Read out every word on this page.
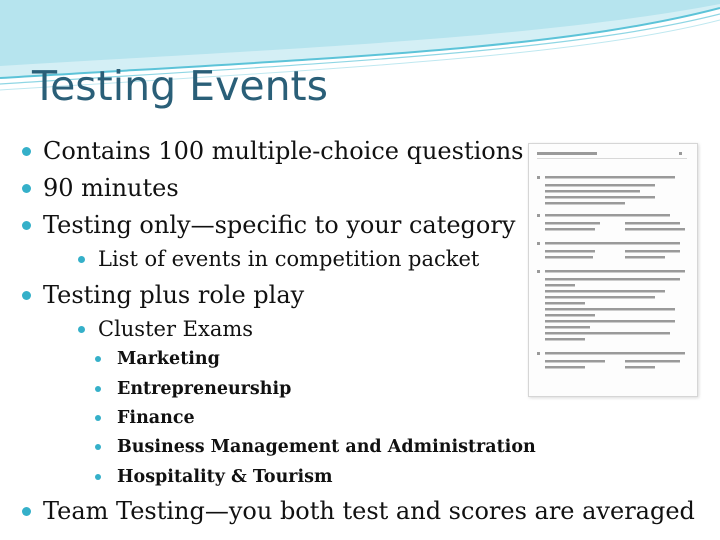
Testing Events
Contains 100 multiple-choice questions
90 minutes
Testing only—specific to your category
List of events in competition packet
Testing plus role play
Cluster Exams
Marketing
Entrepreneurship
Finance
Business Management and Administration
Hospitality & Tourism
Team Testing—you both test and scores are averaged
